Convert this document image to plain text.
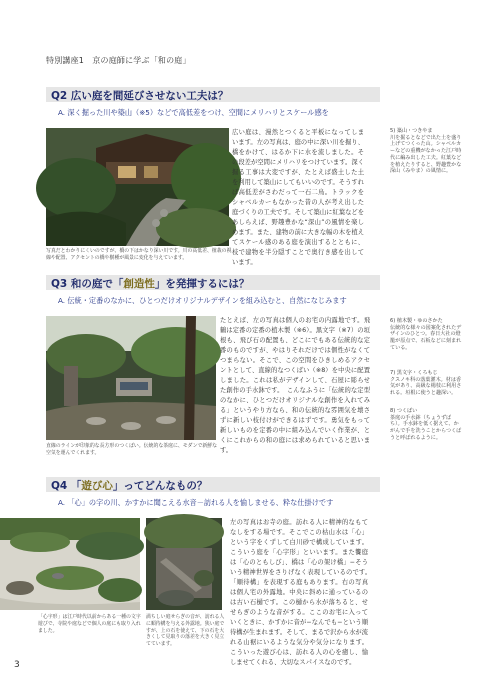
特別講座1　京の庭師に学ぶ「和の庭」
Q2 広い庭を間延びさせない工夫は？
A. 深く掘った川や築山（※5）などで高低差をつけ、空間にメリハリとスケール感を
写真だとわかりにくいのですが、橋の下はかなり深い川です。川の高低差、植栽の視線や配置、アクセントの橋や樹種が風景に変化を与えています。
広い庭は、漫然とつくると平板になってしまいます。左の写真は、庭の中に深い川を掘り、橋をかけて、はるか下に水を流しました。その段差が空間にメリハリをつけています。深く掘る工事は大変ですが、たとえば盛土した土を利用して築山にしてもいいのです。そうすれば高低差がさわだって一石二鳥。トラックをシャベルカーもなかった昔の人が考え出した庭づくりの工夫です。そして築山に紅葉などをあしらえば、野趣豊かな“深山”の風情を楽しめます。また、建物の前に大きな幅の木を植えてスケール感のある庭を演出するとともに、枝で建物を半分隠すことで奥行き感を出しています。
Q3 和の庭で「創造性」を発揮するには？
A. 伝統・定番のなかに、ひとつだけオリジナルデザインを組み込むと、自然になじみます
直線のラインが印象的な長方形のつくばい。伝統的な茶庭に、モダンで新鮮な空気を運んでくれます。
たとえば、左の写真は個人のお宅の内露地です。飛鶴は定番の定番の植木製（※6）。黒文字（※7）の垣根も、飛び石の配置も、どこにでもある伝統的な定番のものですが、やはりそれだけでは個性がなくてつまらない。そこで、この空間をひきしめるアクセントとして、直線的なつくばい（※8）を中央に配置しました。これは私がデザインして、石屋に彫らせた創作の手水鉢です。　こんなふうに「伝統的な定型のなかに、ひとつだけオリジナルな創作を入れてみる」というやり方なら、和の伝統的な雰囲気を壊さずに新しい枝付けができるはずです。勇気をもって新しいものを定番の中に組み込んでいく作業が、とくにこれからの和の庭には求められていると思います。
Q4 「遊び心」ってどんなもの？
A. 「心」の字の川、かすかに聞こえる水音－訪れる人を愉しませる、粋な仕掛けです
「心字形」は江戸時代以前からある一種の文字遊びで、寺院や庭などで個人の庭にも取り入れました。
満ちしい庭せらぎの音が、訪れる人に順待構を与える外露地。狭い庭ですが、上の石を使えて、下の石を大きくして見取りの落差を大きく見立てています。
左の写真はお寺の庭。訪れる人に精神的なもてなしをする場です。そこでこの枯山水は「心」という字をくずして白川砂で構成しています。こういう庭を「心字形」といいます。また饗庭は「心のともしび」、橋は「心の架け橋」−そういう精神世界をさりげなく表現しているのです。　「順待構」を表現する庭もあります。右の写真は個人宅の外露地。中央に斜めに通っているのは古い石樋です。この樋から水が落ちると、せせらぎのような音がする。ここのお宅に入っていくときに、かすかに音が−なんでも−という順待構が生まれます。そして、まるで沢から水が流れる山裾にいるような気分や気分になります。こういった遊び心は、訪れる人の心を癒し、愉しませてくれる、大切なスパイスなのです。
5) 築山・つきやま
川を掘るとなどで出た土を盛り上げてつくった山。シャベルカーなどの重機がなかった江戸時代に編み出した工夫。紅葉などを植えたりすると、野趣豊かな深山（みやま）の風情に。
6) 植木製・ゆのさかた
伝統的な様々の図案化されたデザインのひとつ。春日大社の燈籠が原点で、石板などに刻まれている。
7) 黒文字・くろもじ
クスノキ科の落葉灌木。材は香気があり、高級な楊枝に利用される。垣根に使うと趣深い。
8) つくばい
茶庭の手水鉢（ちょうずばち）。手水鉢を低く据えて、かがんで手を洗うことからつくばうと呼ばれるように。
3
